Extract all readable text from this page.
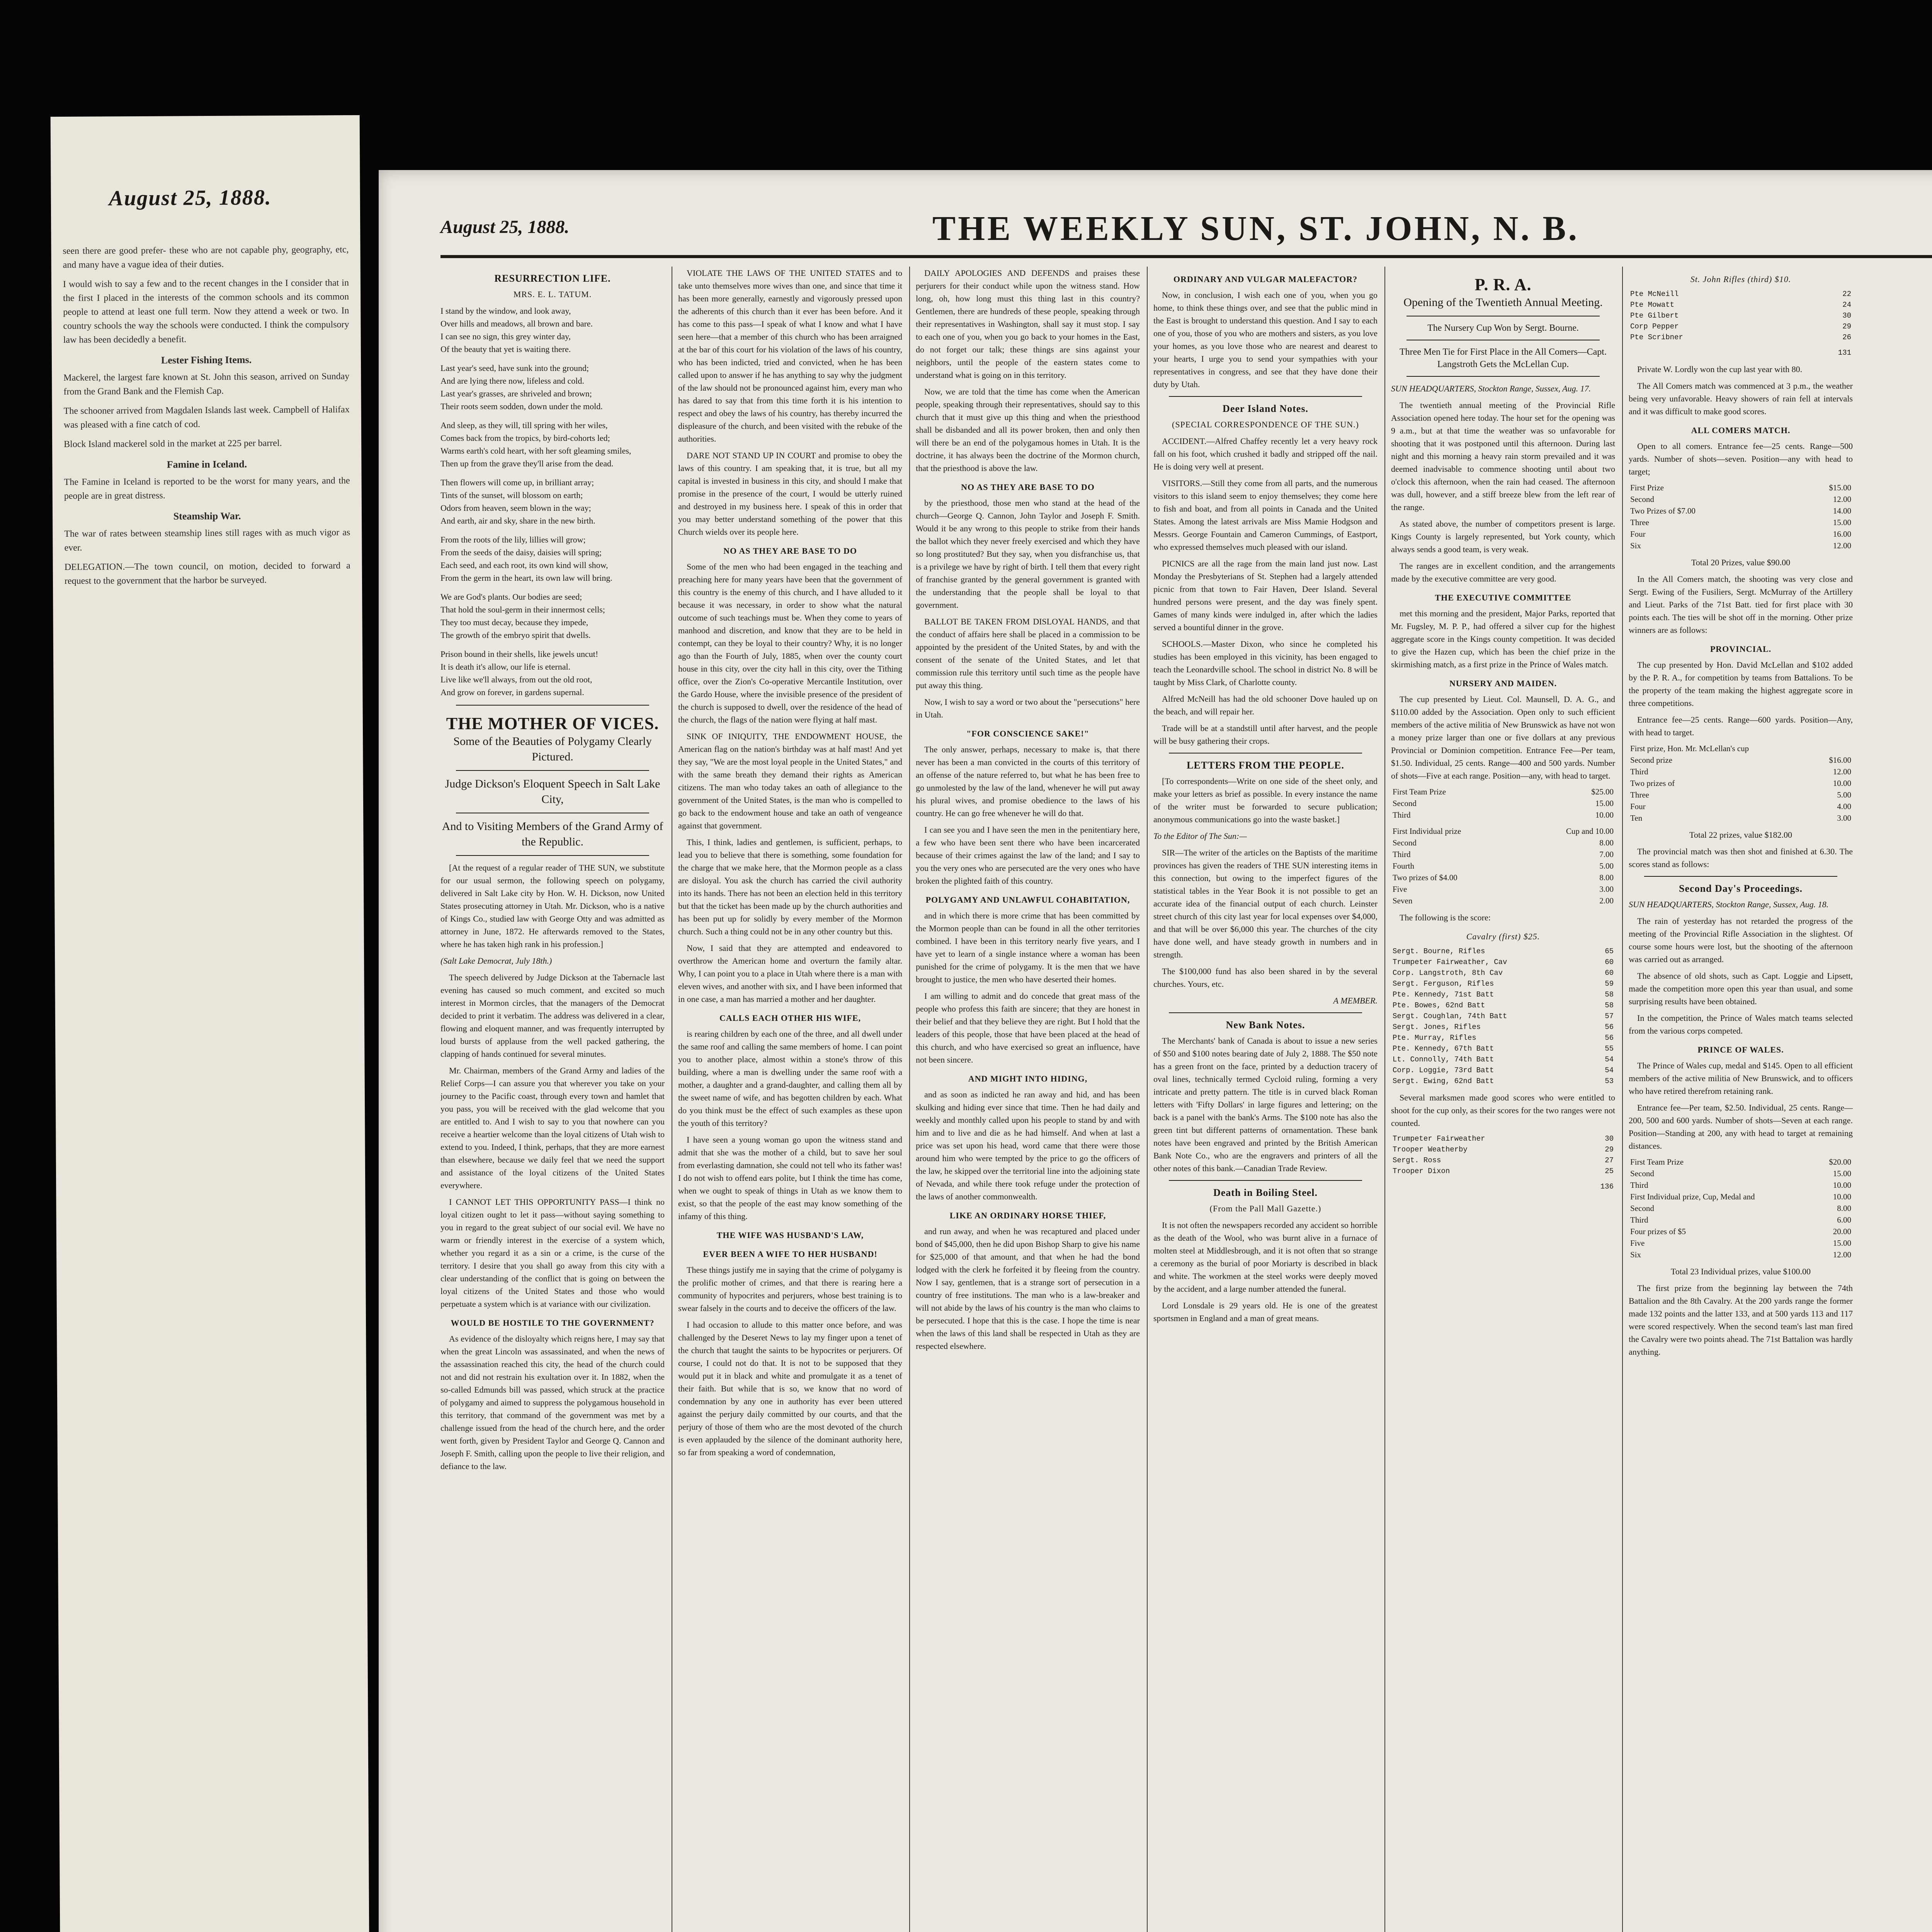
August 25, 1888.

seen there are good prefer- these who are not capable phy, geography, etc, and many have a vague idea of their duties.

I would wish to say a few and to the recent changes in the I consider that in the first I placed in the interests of the common schools and its common people to attend at least one full term. Now they attend a week or two. In country schools the way the schools were conducted. I think the compulsory law has been decidedly a benefit.

Lester Fishing Items.

Mackerel, the largest fare known at St. John this season, arrived on Sunday from the Grand Bank and the Flemish Cap.

The schooner arrived from Magdalen Islands last week. Campbell of Halifax was pleased with a fine catch of cod.

Block Island mackerel sold in the market at 225 per barrel.

Famine in Iceland.

The Famine in Iceland is reported to be the worst for many years, and the people are in great distress.

Steamship War.

The war of rates between steamship lines still rages with as much vigor as ever.

DELEGATION.—The town council, on motion, decided to forward a request to the government that the harbor be surveyed.

August 25, 1888.	THE WEEKLY SUN, ST. JOHN, N. B.
RESURRECTION LIFE.
MRS. E. L. TATUM.

I stand by the window, and look away,

Over hills and meadows, all brown and bare.

I can see no sign, this grey winter day,

Of the beauty that yet is waiting there.

Last year's seed, have sunk into the ground;

And are lying there now, lifeless and cold.

Last year's grasses, are shriveled and brown;

Their roots seem sodden, down under the mold.

And sleep, as they will, till spring with her wiles,

Comes back from the tropics, by bird-cohorts led;

Warms earth's cold heart, with her soft gleaming smiles,

Then up from the grave they'll arise from the dead.

Then flowers will come up, in brilliant array;

Tints of the sunset, will blossom on earth;

Odors from heaven, seem blown in the way;

And earth, air and sky, share in the new birth.

From the roots of the lily, lillies will grow;

From the seeds of the daisy, daisies will spring;

Each seed, and each root, its own kind will show,

From the germ in the heart, its own law will bring.

We are God's plants. Our bodies are seed;

That hold the soul-germ in their innermost cells;

They too must decay, because they impede,

The growth of the embryo spirit that dwells.

Prison bound in their shells, like jewels uncut!

It is death it's allow, our life is eternal.

Live like we'll always, from out the old root,

And grow on forever, in gardens supernal.

THE MOTHER OF VICES.
Some of the Beauties of Polygamy Clearly Pictured.
Judge Dickson's Eloquent Speech in Salt Lake City,
And to Visiting Members of the Grand Army of the Republic.

[At the request of a regular reader of THE SUN, we substitute for our usual sermon, the following speech on polygamy, delivered in Salt Lake city by Hon. W. H. Dickson, now United States prosecuting attorney in Utah. Mr. Dickson, who is a native of Kings Co., studied law with George Otty and was admitted as attorney in June, 1872. He afterwards removed to the States, where he has taken high rank in his profession.]

(Salt Lake Democrat, July 18th.)

The speech delivered by Judge Dickson at the Tabernacle last evening has caused so much comment, and excited so much interest in Mormon circles, that the managers of the Democrat decided to print it verbatim. The address was delivered in a clear, flowing and eloquent manner, and was frequently interrupted by loud bursts of applause from the well packed gathering, the clapping of hands continued for several minutes.

Mr. Chairman, members of the Grand Army and ladies of the Relief Corps—I can assure you that wherever you take on your journey to the Pacific coast, through every town and hamlet that you pass, you will be received with the glad welcome that you are entitled to. And I wish to say to you that nowhere can you receive a heartier welcome than the loyal citizens of Utah wish to extend to you. Indeed, I think, perhaps, that they are more earnest than elsewhere, because we daily feel that we need the support and assistance of the loyal citizens of the United States everywhere.

I CANNOT LET THIS OPPORTUNITY PASS—I think no loyal citizen ought to let it pass—without saying something to you in regard to the great subject of our social evil. We have no warm or friendly interest in the exercise of a system which, whether you regard it as a sin or a crime, is the curse of the territory. I desire that you shall go away from this city with a clear understanding of the conflict that is going on between the loyal citizens of the United States and those who would perpetuate a system which is at variance with our civilization.

WOULD BE HOSTILE TO THE GOVERNMENT?

As evidence of the disloyalty which reigns here, I may say that when the great Lincoln was assassinated, and when the news of the assassination reached this city, the head of the church could not and did not restrain his exultation over it. In 1882, when the so-called Edmunds bill was passed, which struck at the practice of polygamy and aimed to suppress the polygamous household in this territory, that command of the government was met by a challenge issued from the head of the church here, and the order went forth, given by President Taylor and George Q. Cannon and Joseph F. Smith, calling upon the people to live their religion, and defiance to the law.

VIOLATE THE LAWS OF THE UNITED STATES and to take unto themselves more wives than one, and since that time it has been more generally, earnestly and vigorously pressed upon the adherents of this church than it ever has been before. And it has come to this pass—I speak of what I know and what I have seen here—that a member of this church who has been arraigned at the bar of this court for his violation of the laws of his country, who has been indicted, tried and convicted, when he has been called upon to answer if he has anything to say why the judgment of the law should not be pronounced against him, every man who has dared to say that from this time forth it is his intention to respect and obey the laws of his country, has thereby incurred the displeasure of the church, and been visited with the rebuke of the authorities.

DARE NOT STAND UP IN COURT and promise to obey the laws of this country. I am speaking that, it is true, but all my capital is invested in business in this city, and should I make that promise in the presence of the court, I would be utterly ruined and destroyed in my business here. I speak of this in order that you may better understand something of the power that this Church wields over its people here.

NO AS THEY ARE BASE TO DO

Some of the men who had been engaged in the teaching and preaching here for many years have been that the government of this country is the enemy of this church, and I have alluded to it because it was necessary, in order to show what the natural outcome of such teachings must be. When they come to years of manhood and discretion, and know that they are to be held in contempt, can they be loyal to their country? Why, it is no longer ago than the Fourth of July, 1885, when over the county court house in this city, over the city hall in this city, over the Tithing office, over the Zion's Co-operative Mercantile Institution, over the Gardo House, where the invisible presence of the president of the church is supposed to dwell, over the residence of the head of the church, the flags of the nation were flying at half mast.

SINK OF INIQUITY, THE ENDOWMENT HOUSE, the American flag on the nation's birthday was at half mast! And yet they say, "We are the most loyal people in the United States," and with the same breath they demand their rights as American citizens. The man who today takes an oath of allegiance to the government of the United States, is the man who is compelled to go back to the endowment house and take an oath of vengeance against that government.

This, I think, ladies and gentlemen, is sufficient, perhaps, to lead you to believe that there is something, some foundation for the charge that we make here, that the Mormon people as a class are disloyal. You ask the church has carried the civil authority into its hands. There has not been an election held in this territory but that the ticket has been made up by the church authorities and has been put up for solidly by every member of the Mormon church. Such a thing could not be in any other country but this.

Now, I said that they are attempted and endeavored to overthrow the American home and overturn the family altar. Why, I can point you to a place in Utah where there is a man with eleven wives, and another with six, and I have been informed that in one case, a man has married a mother and her daughter.

CALLS EACH OTHER HIS WIFE,

is rearing children by each one of the three, and all dwell under the same roof and calling the same members of home. I can point you to another place, almost within a stone's throw of this building, where a man is dwelling under the same roof with a mother, a daughter and a grand-daughter, and calling them all by the sweet name of wife, and has begotten children by each. What do you think must be the effect of such examples as these upon the youth of this territory?

I have seen a young woman go upon the witness stand and admit that she was the mother of a child, but to save her soul from everlasting damnation, she could not tell who its father was! I do not wish to offend ears polite, but I think the time has come, when we ought to speak of things in Utah as we know them to exist, so that the people of the east may know something of the infamy of this thing.

THE WIFE WAS HUSBAND'S LAW,
EVER BEEN A WIFE TO HER HUSBAND!

These things justify me in saying that the crime of polygamy is the prolific mother of crimes, and that there is rearing here a community of hypocrites and perjurers, whose best training is to swear falsely in the courts and to deceive the officers of the law.

I had occasion to allude to this matter once before, and was challenged by the Deseret News to lay my finger upon a tenet of the church that taught the saints to be hypocrites or perjurers. Of course, I could not do that. It is not to be supposed that they would put it in black and white and promulgate it as a tenet of their faith. But while that is so, we know that no word of condemnation by any one in authority has ever been uttered against the perjury daily committed by our courts, and that the perjury of those of them who are the most devoted of the church is even applauded by the silence of the dominant authority here, so far from speaking a word of condemnation,

DAILY APOLOGIES AND DEFENDS and praises these perjurers for their conduct while upon the witness stand. How long, oh, how long must this thing last in this country? Gentlemen, there are hundreds of these people, speaking through their representatives in Washington, shall say it must stop. I say to each one of you, when you go back to your homes in the East, do not forget our talk; these things are sins against your neighbors, until the people of the eastern states come to understand what is going on in this territory.

Now, we are told that the time has come when the American people, speaking through their representatives, should say to this church that it must give up this thing and when the priesthood shall be disbanded and all its power broken, then and only then will there be an end of the polygamous homes in Utah. It is the doctrine, it has always been the doctrine of the Mormon church, that the priesthood is above the law.

NO AS THEY ARE BASE TO DO

by the priesthood, those men who stand at the head of the church—George Q. Cannon, John Taylor and Joseph F. Smith. Would it be any wrong to this people to strike from their hands the ballot which they never freely exercised and which they have so long prostituted? But they say, when you disfranchise us, that is a privilege we have by right of birth. I tell them that every right of franchise granted by the general government is granted with the understanding that the people shall be loyal to that government.

BALLOT BE TAKEN FROM DISLOYAL HANDS, and that the conduct of affairs here shall be placed in a commission to be appointed by the president of the United States, by and with the consent of the senate of the United States, and let that commission rule this territory until such time as the people have put away this thing.

Now, I wish to say a word or two about the "persecutions" here in Utah.

"FOR CONSCIENCE SAKE!"

The only answer, perhaps, necessary to make is, that there never has been a man convicted in the courts of this territory of an offense of the nature referred to, but what he has been free to go unmolested by the law of the land, whenever he will put away his plural wives, and promise obedience to the laws of his country. He can go free whenever he will do that.

I can see you and I have seen the men in the penitentiary here, a few who have been sent there who have been incarcerated because of their crimes against the law of the land; and I say to you the very ones who are persecuted are the very ones who have broken the plighted faith of this country.

POLYGAMY AND UNLAWFUL COHABITATION,

and in which there is more crime that has been committed by the Mormon people than can be found in all the other territories combined. I have been in this territory nearly five years, and I have yet to learn of a single instance where a woman has been punished for the crime of polygamy. It is the men that we have brought to justice, the men who have deserted their homes.

I am willing to admit and do concede that great mass of the people who profess this faith are sincere; that they are honest in their belief and that they believe they are right. But I hold that the leaders of this people, those that have been placed at the head of this church, and who have exercised so great an influence, have not been sincere.

AND MIGHT INTO HIDING,

and as soon as indicted he ran away and hid, and has been skulking and hiding ever since that time. Then he had daily and weekly and monthly called upon his people to stand by and with him and to live and die as he had himself. And when at last a price was set upon his head, word came that there were those around him who were tempted by the price to go the officers of the law, he skipped over the territorial line into the adjoining state of Nevada, and while there took refuge under the protection of the laws of another commonwealth.

LIKE AN ORDINARY HORSE THIEF,

and run away, and when he was recaptured and placed under bond of $45,000, then he did upon Bishop Sharp to give his name for $25,000 of that amount, and that when he had the bond lodged with the clerk he forfeited it by fleeing from the country. Now I say, gentlemen, that is a strange sort of persecution in a country of free institutions. The man who is a law-breaker and will not abide by the laws of his country is the man who claims to be persecuted. I hope that this is the case. I hope the time is near when the laws of this land shall be respected in Utah as they are respected elsewhere.

ORDINARY AND VULGAR MALEFACTOR?

Now, in conclusion, I wish each one of you, when you go home, to think these things over, and see that the public mind in the East is brought to understand this question. And I say to each one of you, those of you who are mothers and sisters, as you love your homes, as you love those who are nearest and dearest to your hearts, I urge you to send your sympathies with your representatives in congress, and see that they have done their duty by Utah.

Deer Island Notes.
(SPECIAL CORRESPONDENCE OF THE SUN.)

ACCIDENT.—Alfred Chaffey recently let a very heavy rock fall on his foot, which crushed it badly and stripped off the nail. He is doing very well at present.

VISITORS.—Still they come from all parts, and the numerous visitors to this island seem to enjoy themselves; they come here to fish and boat, and from all points in Canada and the United States. Among the latest arrivals are Miss Mamie Hodgson and Messrs. George Fountain and Cameron Cummings, of Eastport, who expressed themselves much pleased with our island.

PICNICS are all the rage from the main land just now. Last Monday the Presbyterians of St. Stephen had a largely attended picnic from that town to Fair Haven, Deer Island. Several hundred persons were present, and the day was finely spent. Games of many kinds were indulged in, after which the ladies served a bountiful dinner in the grove.

SCHOOLS.—Master Dixon, who since he completed his studies has been employed in this vicinity, has been engaged to teach the Leonardville school. The school in district No. 8 will be taught by Miss Clark, of Charlotte county.

Alfred McNeill has had the old schooner Dove hauled up on the beach, and will repair her.

Trade will be at a standstill until after harvest, and the people will be busy gathering their crops.

LETTERS FROM THE PEOPLE.

[To correspondents—Write on one side of the sheet only, and make your letters as brief as possible. In every instance the name of the writer must be forwarded to secure publication; anonymous communications go into the waste basket.]

To the Editor of The Sun:—

SIR—The writer of the articles on the Baptists of the maritime provinces has given the readers of THE SUN interesting items in this connection, but owing to the imperfect figures of the statistical tables in the Year Book it is not possible to get an accurate idea of the financial output of each church. Leinster street church of this city last year for local expenses over $4,000, and that will be over $6,000 this year. The churches of the city have done well, and have steady growth in numbers and in strength.

The $100,000 fund has also been shared in by the several churches. Yours, etc.

A MEMBER.

New Bank Notes.

The Merchants' bank of Canada is about to issue a new series of $50 and $100 notes bearing date of July 2, 1888. The $50 note has a green front on the face, printed by a deduction tracery of oval lines, technically termed Cycloid ruling, forming a very intricate and pretty pattern. The title is in curved black Roman letters with 'Fifty Dollars' in large figures and lettering; on the back is a panel with the bank's Arms. The $100 note has also the green tint but different patterns of ornamentation. These bank notes have been engraved and printed by the British American Bank Note Co., who are the engravers and printers of all the other notes of this bank.—Canadian Trade Review.

Death in Boiling Steel.
(From the Pall Mall Gazette.)

It is not often the newspapers recorded any accident so horrible as the death of the Wool, who was burnt alive in a furnace of molten steel at Middlesbrough, and it is not often that so strange a ceremony as the burial of poor Moriarty is described in black and white. The workmen at the steel works were deeply moved by the accident, and a large number attended the funeral.

Lord Lonsdale is 29 years old. He is one of the greatest sportsmen in England and a man of great means.

P. R. A.
Opening of the Twentieth Annual Meeting.
The Nursery Cup Won by Sergt. Bourne.
Three Men Tie for First Place in the All Comers—Capt. Langstroth Gets the McLellan Cup.

SUN HEADQUARTERS, Stockton Range, Sussex, Aug. 17.

The twentieth annual meeting of the Provincial Rifle Association opened here today. The hour set for the opening was 9 a.m., but at that time the weather was so unfavorable for shooting that it was postponed until this afternoon. During last night and this morning a heavy rain storm prevailed and it was deemed inadvisable to commence shooting until about two o'clock this afternoon, when the rain had ceased. The afternoon was dull, however, and a stiff breeze blew from the left rear of the range.

As stated above, the number of competitors present is large. Kings County is largely represented, but York county, which always sends a good team, is very weak.

The ranges are in excellent condition, and the arrangements made by the executive committee are very good.

THE EXECUTIVE COMMITTEE

met this morning and the president, Major Parks, reported that Mr. Fugsley, M. P. P., had offered a silver cup for the highest aggregate score in the Kings county competition. It was decided to give the Hazen cup, which has been the chief prize in the skirmishing match, as a first prize in the Prince of Wales match.

NURSERY AND MAIDEN.

The cup presented by Lieut. Col. Maunsell, D. A. G., and $110.00 added by the Association. Open only to such efficient members of the active militia of New Brunswick as have not won a money prize larger than one or five dollars at any previous Provincial or Dominion competition. Entrance Fee—Per team, $1.50. Individual, 25 cents. Range—400 and 500 yards. Number of shots—Five at each range. Position—any, with head to target.

First Team Prize	$25.00
Second	15.00
Third	10.00
First Individual prize	Cup and 10.00
Second	8.00
Third	7.00
Fourth	5.00
Two prizes of $4.00	8.00
Five	3.00
Seven	2.00

The following is the score:

Cavalry (first) $25.
Sergt. Bourne, Rifles	65
Trumpeter Fairweather, Cav	60
Corp. Langstroth, 8th Cav	60
Sergt. Ferguson, Rifles	59
Pte. Kennedy, 71st Batt	58
Pte. Bowes, 62nd Batt	58
Sergt. Coughlan, 74th Batt	57
Sergt. Jones, Rifles	56
Pte. Murray, Rifles	56
Pte. Kennedy, 67th Batt	55
Lt. Connolly, 74th Batt	54
Corp. Loggie, 73rd Batt	54
Sergt. Ewing, 62nd Batt	53

Several marksmen made good scores who were entitled to shoot for the cup only, as their scores for the two ranges were not counted.

Trumpeter Fairweather	30
Trooper Weatherby	29
Sergt. Ross	27
Trooper Dixon	25
	136
St. John Rifles (third) $10.
Pte McNeill	22
Pte Mowatt	24
Pte Gilbert	30
Corp Pepper	29
Pte Scribner	26
	131

Private W. Lordly won the cup last year with 80.

The All Comers match was commenced at 3 p.m., the weather being very unfavorable. Heavy showers of rain fell at intervals and it was difficult to make good scores.

ALL COMERS MATCH.

Open to all comers. Entrance fee—25 cents. Range—500 yards. Number of shots—seven. Position—any with head to target;

First Prize	$15.00
Second	12.00
Two Prizes of $7.00	14.00
Three	15.00
Four	16.00
Six	12.00

Total 20 Prizes, value $90.00

In the All Comers match, the shooting was very close and Sergt. Ewing of the Fusiliers, Sergt. McMurray of the Artillery and Lieut. Parks of the 71st Batt. tied for first place with 30 points each. The ties will be shot off in the morning. Other prize winners are as follows:

PROVINCIAL.

The cup presented by Hon. David McLellan and $102 added by the P. R. A., for competition by teams from Battalions. To be the property of the team making the highest aggregate score in three competitions.

Entrance fee—25 cents. Range—600 yards. Position—Any, with head to target.

First prize, Hon. Mr. McLellan's cup	
Second prize	$16.00
Third	12.00
Two prizes of	10.00
Three	5.00
Four	4.00
Ten	3.00

Total 22 prizes, value $182.00

The provincial match was then shot and finished at 6.30. The scores stand as follows:

Second Day's Proceedings.

SUN HEADQUARTERS, Stockton Range, Sussex, Aug. 18.

The rain of yesterday has not retarded the progress of the meeting of the Provincial Rifle Association in the slightest. Of course some hours were lost, but the shooting of the afternoon was carried out as arranged.

The absence of old shots, such as Capt. Loggie and Lipsett, made the competition more open this year than usual, and some surprising results have been obtained.

In the competition, the Prince of Wales match teams selected from the various corps competed.

PRINCE OF WALES.

The Prince of Wales cup, medal and $145. Open to all efficient members of the active militia of New Brunswick, and to officers who have retired therefrom retaining rank.

Entrance fee—Per team, $2.50. Individual, 25 cents. Range—200, 500 and 600 yards. Number of shots—Seven at each range. Position—Standing at 200, any with head to target at remaining distances.

First Team Prize	$20.00
Second	15.00
Third	10.00
First Individual prize, Cup, Medal and	10.00
Second	8.00
Third	6.00
Four prizes of $5	20.00
Five	15.00
Six	12.00

Total 23 Individual prizes, value $100.00

The first prize from the beginning lay between the 74th Battalion and the 8th Cavalry. At the 200 yards range the former made 132 points and the latter 133, and at 500 yards 113 and 117 were scored respectively. When the second team's last man fired the Cavalry were two points ahead. The 71st Battalion was hardly anything.
